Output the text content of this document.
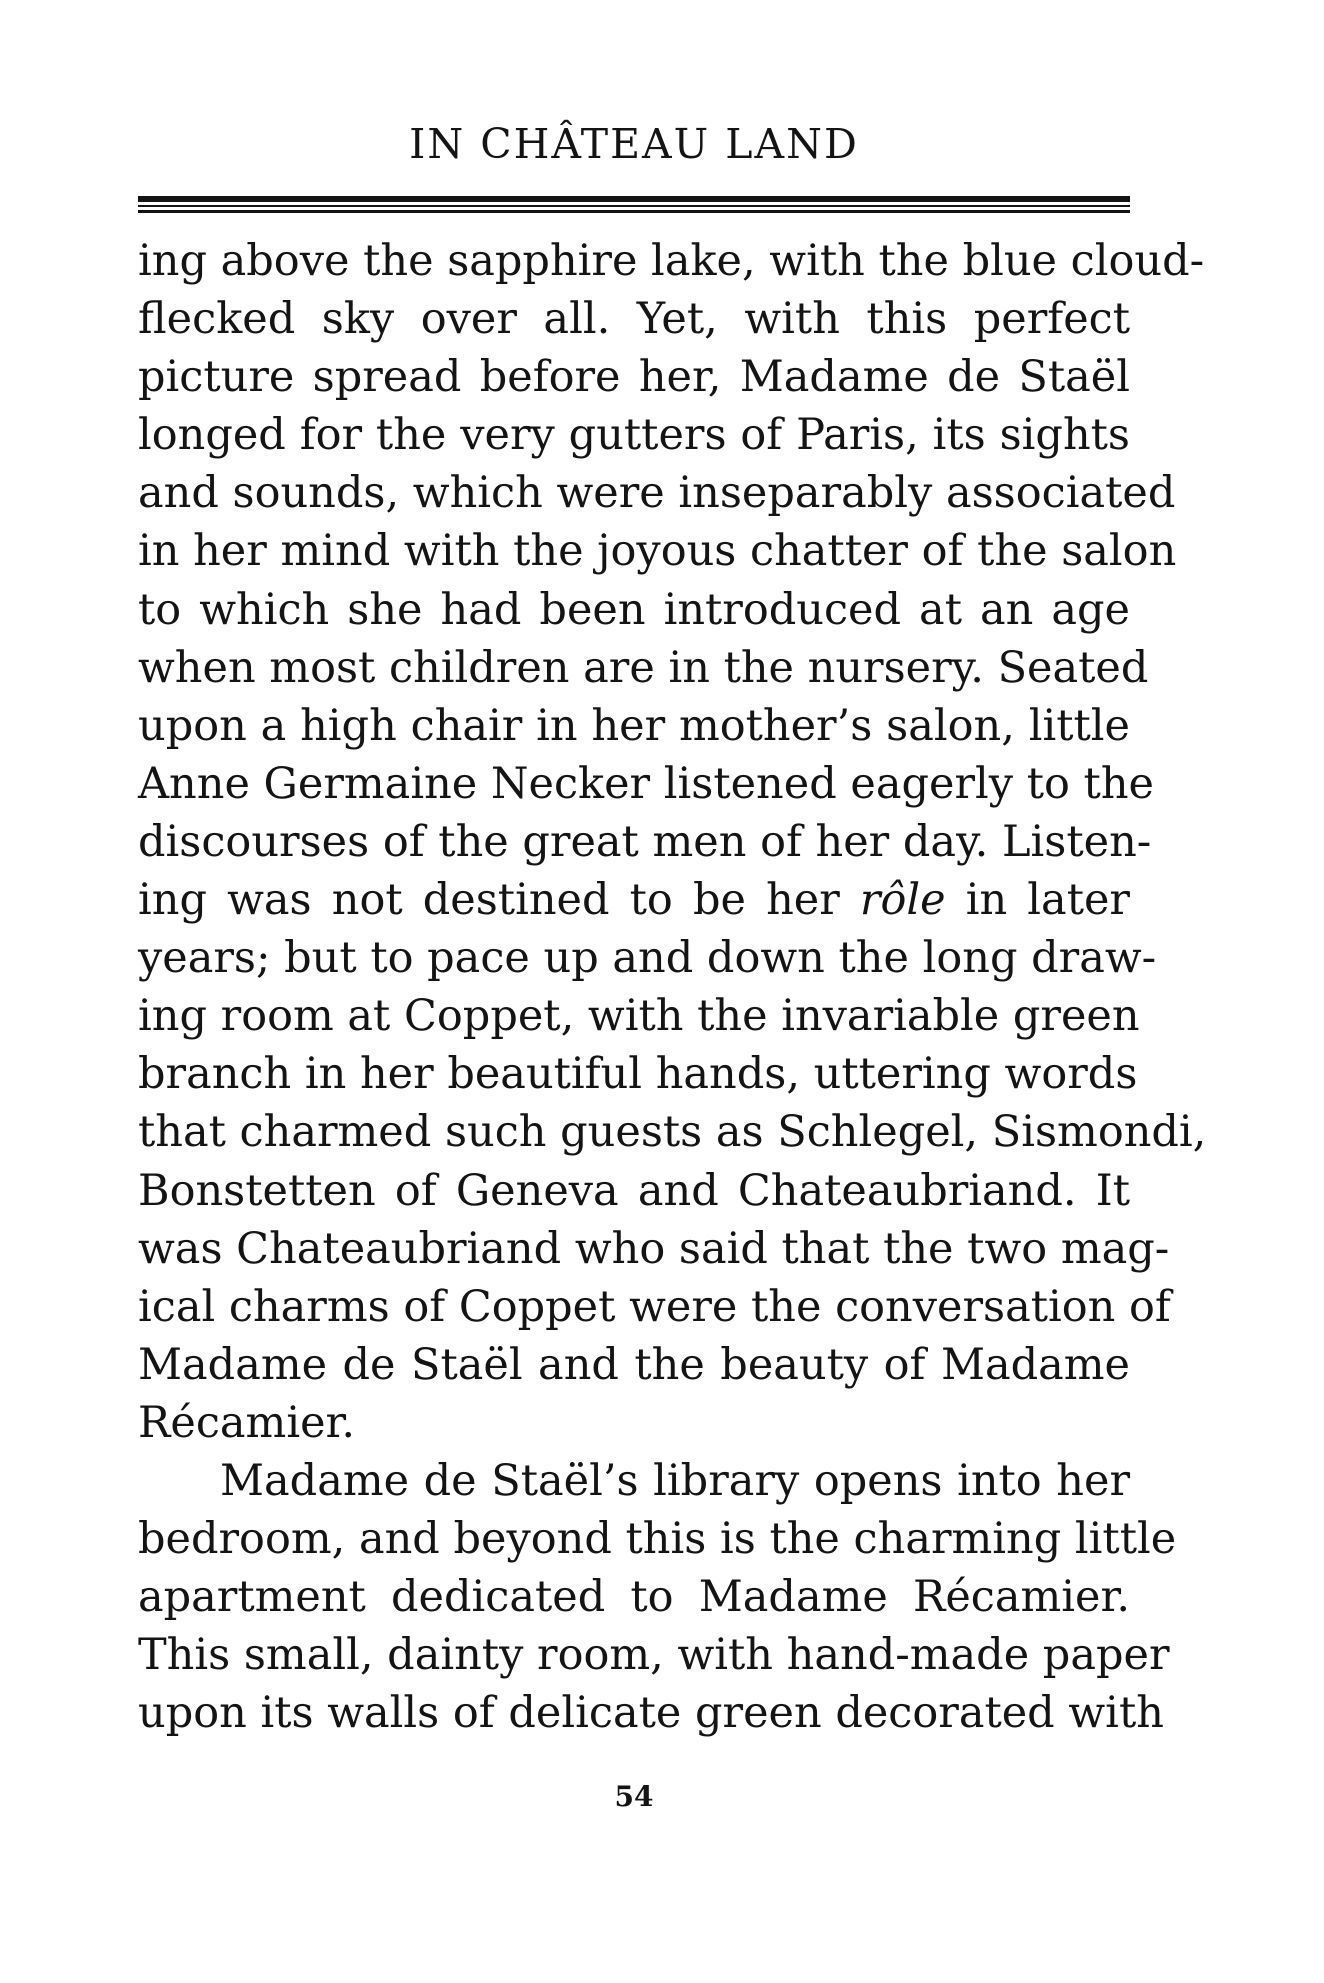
IN CHÂTEAU LAND
ing above the sapphire lake, with the blue cloud-
flecked sky over all. Yet, with this perfect
picture spread before her, Madame de Staël
longed for the very gutters of Paris, its sights
and sounds, which were inseparably associated
in her mind with the joyous chatter of the salon
to which she had been introduced at an age
when most children are in the nursery. Seated
upon a high chair in her mother’s salon, little
Anne Germaine Necker listened eagerly to the
discourses of the great men of her day. Listen-
ing was not destined to be her rôle in later
years; but to pace up and down the long draw-
ing room at Coppet, with the invariable green
branch in her beautiful hands, uttering words
that charmed such guests as Schlegel, Sismondi,
Bonstetten of Geneva and Chateaubriand. It
was Chateaubriand who said that the two mag-
ical charms of Coppet were the conversation of
Madame de Staël and the beauty of Madame
Récamier.
Madame de Staël’s library opens into her
bedroom, and beyond this is the charming little
apartment dedicated to Madame Récamier.
This small, dainty room, with hand-made paper
upon its walls of delicate green decorated with
54
